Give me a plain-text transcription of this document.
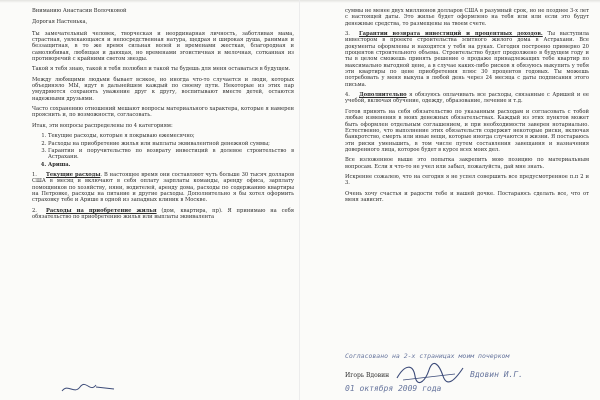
Вниманию Анастасии Волочковой

Дорогая Настенька,

Ты замечательный человек, творческая и неординарная личность, заботливая мама, страстная, увлекающаяся и непосредственная натура, щедрая и широкая душа, ранимая и беззащитная, в то же время сильная волей и временами жесткая, благородная и самолюбивая, любящая и дающая, но временами эгоистичная и мелочная, сотканная из противоречий с крайними светом звезды.

Такой я тебя знаю, такой я тебя полюбил и такой ты будешь для меня оставаться в будущем.

Между любящими людьми бывает всякое, но иногда что-то случается и люди, которых объединяло МЫ, идут в дальнейшем каждый по своему пути. Некоторые из этих пар умудряются сохранять уважение друг к другу, воспитывают вместе детей, остаются надежными друзьями.

Часто сохранению отношений мешают вопросы материального характера, которые я намерен прояснить и, по возможности, согласовать.

Итак, эти вопросы распределены по 4 категориям:

1. Текущие расходы, которые я покрываю ежемесячно;
2. Расходы на приобретение жилья или выплаты эквивалентной денежной суммы;
3. Гарантии и поручительство по возврату инвестиций в долевое строительство в Астрахани.
4. Ариша.
1. Текущие расходы. В настоящее время они составляют чуть больше 30 тысяч долларов США в месяц и включают в себя оплату зарплаты команды, аренду офиса, зарплату помощников по хозяйству, няни, водителей, аренду дома, расходы по содержанию квартиры на Петровке, расходы на питание и другие расходы. Дополнительно я бы хотел оформить страховку тебе и Арише в одной из западных клиник в Москве.
2. Расходы на приобретение жилья (дом, квартира, пр). Я принимаю на себя обязательство по приобретению жилья или выплаты эквивалента

суммы не менее двух миллионов долларов США в разумный срок, но не позднее 3-х лет с настоящей даты. Это жилье будет оформлено на тебя или или если это будут денежные средства, то размещены на твоем счете.

3. Гарантии возврата инвестиций и процентных доходов. Ты выступила инвестором в проекте строительства элитного жилого дома в Астрахани. Все документы оформлены и находятся у тебя на руках. Сегодня построено примерно 20 процентов строительного объема. Строительство будет продолжено в будущем году и ты в целом сможешь принять решение о продаже принадлежащих тебе квартир по максимально выгодной цене, а в случае каких-либо рисков я обязуюсь выкупить у тебя эти квартиры по цене приобретения плюс 30 процентов годовых. Ты можешь потребовать у меня выкупа в любой день через 24 месяца с даты подписания этого письма.
4. Дополнительно я обязуюсь оплачивать все расходы, связанные с Аришей и ее учебой, включая обучение, одежду, образование, лечение и т.д.

Готов принять на себя обязательство по указанным расходам и согласовать с тобой любые изменения в моих денежных обязательствах. Каждый из этих пунктов может быть оформлен отдельным соглашением, и при необходимости заверен нотариально. Естественно, что выполнение этих обязательств содержит некоторые риски, включая банкротство, смерть или иные вещи, которые иногда случаются в жизни. Я постараюсь эти риски уменьшить, в том числе путем составления завещания и назначения доверенного лица, которое будет в курсе всех моих дел.

Все изложенное выше это попытка закрепить мою позицию по материальным вопросам. Если я что-то не учел или забыл, пожалуйста, дай мне знать.

Искренне сожалею, что на сегодня я не успел совершить все предусмотренное п.п 2 и 3.

Очень хочу счастья и радости тебе и нашей дочке. Постараюсь сделать все, что от меня зависит.

Согласовано на 2-х страницах моим почерком
Игорь Вдовин	Вдовин И.Г.
01 октября 2009 года
